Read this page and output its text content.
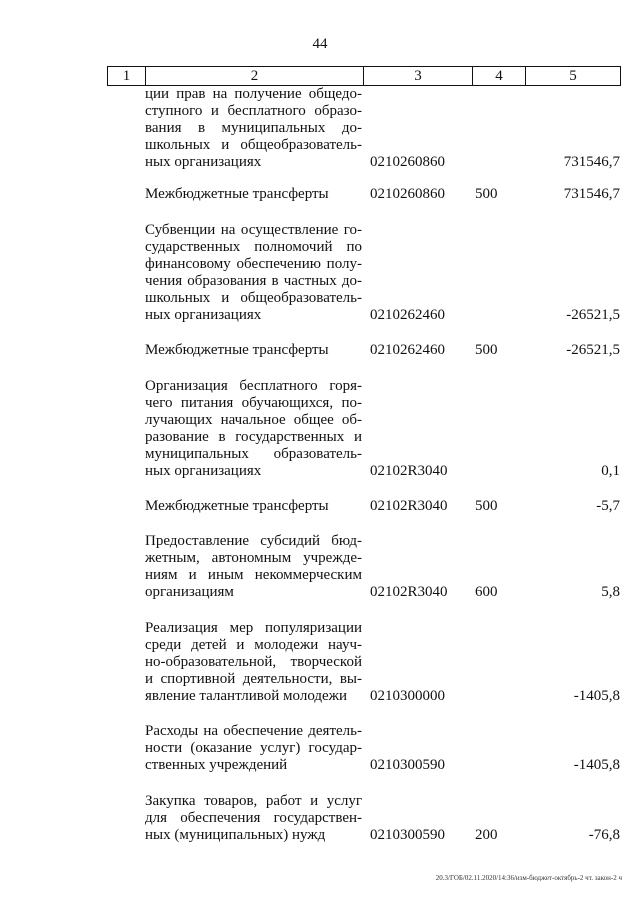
44
1	2	3	4	5
ции прав на получение общедо-
ступного и бесплатного образо-
вания в муниципальных до-
школьных и общеобразователь-
ных организациях	0210260860	731546,7
Межбюджетные трансферты	0210260860 500	731546,7
Субвенции на осуществление го-
сударственных полномочий по
финансовому обеспечению полу-
чения образования в частных до-
школьных и общеобразователь-
ных организациях	0210262460	-26521,5
Межбюджетные трансферты	0210262460 500	-26521,5
Организация бесплатного горя-
чего питания обучающихся, по-
лучающих начальное общее об-
разование в государственных и
муниципальных образователь-
ных организациях	02102R3040	0,1
Межбюджетные трансферты	02102R3040 500	-5,7
Предоставление субсидий бюд-
жетным, автономным учрежде-
ниям и иным некоммерческим
организациям	02102R3040 600	5,8
Реализация мер популяризации
среди детей и молодежи науч-
но-образовательной, творческой
и спортивной деятельности, вы-
явление талантливой молодежи	0210300000	-1405,8
Расходы на обеспечение деятель-
ности (оказание услуг) государ-
ственных учреждений	0210300590	-1405,8
Закупка товаров, работ и услуг
для обеспечения государствен-
ных (муниципальных) нужд	0210300590 200	-76,8
20.3/ГОБ/02.11.2020/14:36/изм-бюджет-октябрь-2 чт. закон-2 ч
